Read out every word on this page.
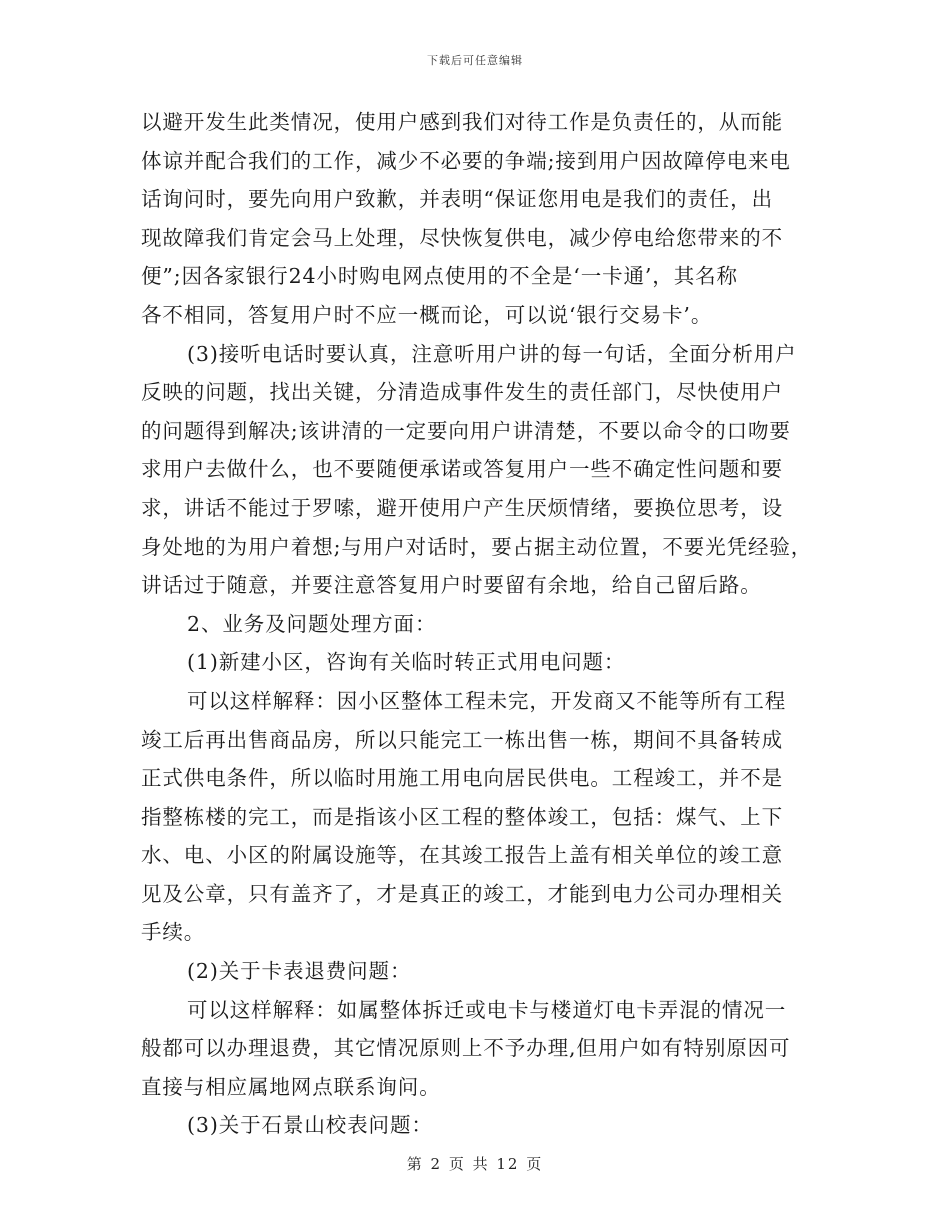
下载后可任意编辑
以避开发生此类情况，使用户感到我们对待工作是负责任的，从而能
体谅并配合我们的工作，减少不必要的争端;接到用户因故障停电来电
话询问时，要先向用户致歉，并表明“保证您用电是我们的责任，出
现故障我们肯定会马上处理，尽快恢复供电，减少停电给您带来的不
便”;因各家银行24小时购电网点使用的不全是‘一卡通’，其名称
各不相同，答复用户时不应一概而论，可以说‘银行交易卡’。
(3)接听电话时要认真，注意听用户讲的每一句话，全面分析用户
反映的问题，找出关键，分清造成事件发生的责任部门，尽快使用户
的问题得到解决;该讲清的一定要向用户讲清楚，不要以命令的口吻要
求用户去做什么，也不要随便承诺或答复用户一些不确定性问题和要
求，讲话不能过于罗嗦，避开使用户产生厌烦情绪，要换位思考，设
身处地的为用户着想;与用户对话时，要占据主动位置，不要光凭经验，
讲话过于随意，并要注意答复用户时要留有余地，给自己留后路。
2、业务及问题处理方面：
(1)新建小区，咨询有关临时转正式用电问题：
可以这样解释：因小区整体工程未完，开发商又不能等所有工程
竣工后再出售商品房，所以只能完工一栋出售一栋，期间不具备转成
正式供电条件，所以临时用施工用电向居民供电。工程竣工，并不是
指整栋楼的完工，而是指该小区工程的整体竣工，包括：煤气、上下
水、电、小区的附属设施等，在其竣工报告上盖有相关单位的竣工意
见及公章，只有盖齐了，才是真正的竣工，才能到电力公司办理相关
手续。
(2)关于卡表退费问题：
可以这样解释：如属整体拆迁或电卡与楼道灯电卡弄混的情况一
般都可以办理退费，其它情况原则上不予办理,但用户如有特别原因可
直接与相应属地网点联系询问。
(3)关于石景山校表问题：
第 2 页 共 12 页
